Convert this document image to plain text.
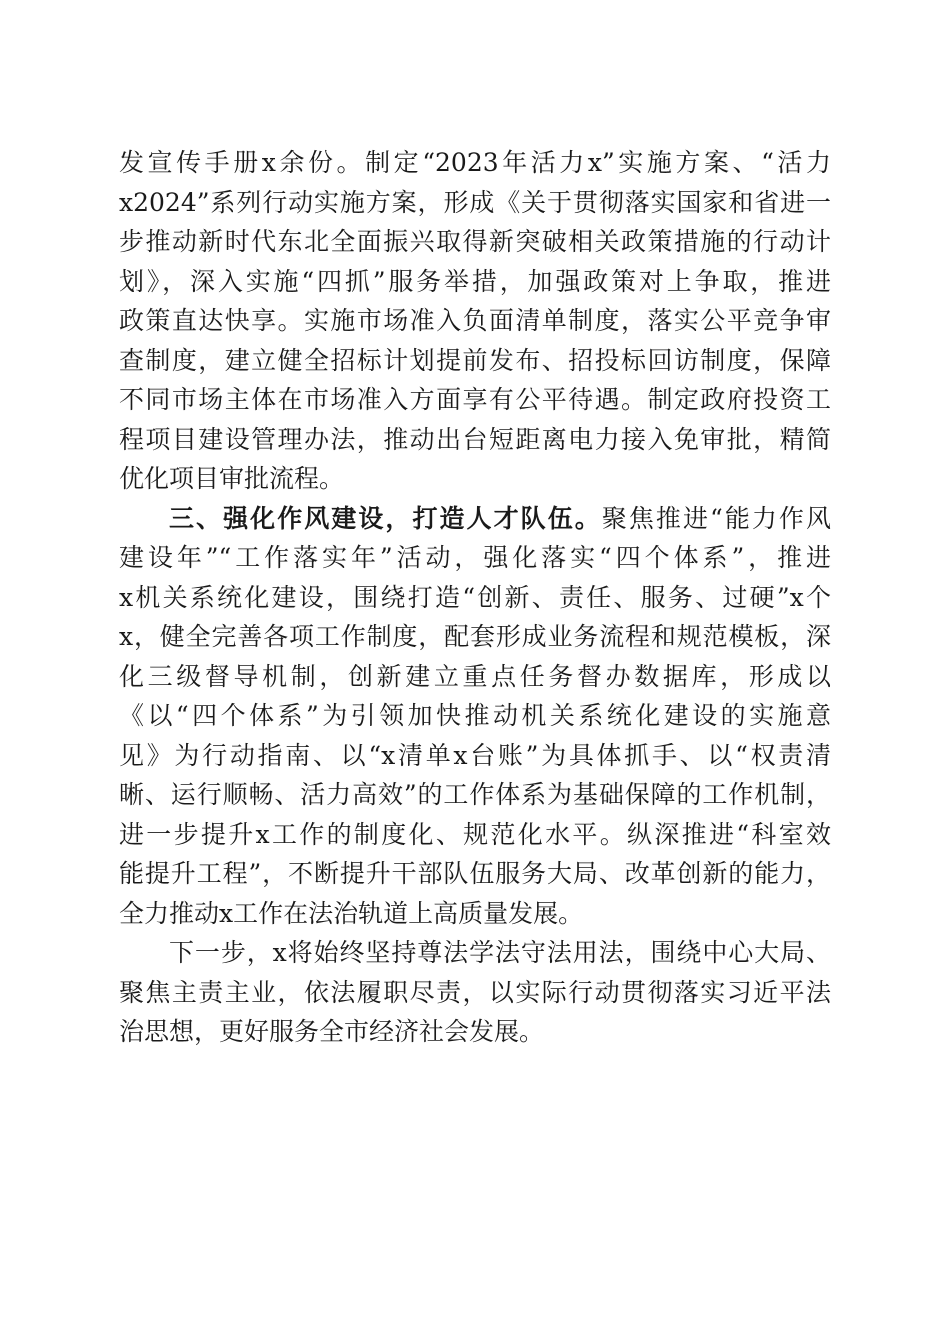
发宣传手册x余份。制定“2023年活力x”实施方案、“活力
x2024”系列行动实施方案，形成《关于贯彻落实国家和省进一
步推动新时代东北全面振兴取得新突破相关政策措施的行动计
划》，深入实施“四抓”服务举措，加强政策对上争取，推进
政策直达快享。实施市场准入负面清单制度，落实公平竞争审
查制度，建立健全招标计划提前发布、招投标回访制度，保障
不同市场主体在市场准入方面享有公平待遇。制定政府投资工
程项目建设管理办法，推动出台短距离电力接入免审批，精简
优化项目审批流程。
三、强化作风建设，打造人才队伍。聚焦推进“能力作风
建设年”“工作落实年”活动，强化落实“四个体系”，推进
x机关系统化建设，围绕打造“创新、责任、服务、过硬”x个
x，健全完善各项工作制度，配套形成业务流程和规范模板，深
化三级督导机制，创新建立重点任务督办数据库，形成以
《以“四个体系”为引领加快推动机关系统化建设的实施意
见》为行动指南、以“x清单x台账”为具体抓手、以“权责清
晰、运行顺畅、活力高效”的工作体系为基础保障的工作机制，
进一步提升x工作的制度化、规范化水平。纵深推进“科室效
能提升工程”，不断提升干部队伍服务大局、改革创新的能力，
全力推动x工作在法治轨道上高质量发展。
下一步，x将始终坚持尊法学法守法用法，围绕中心大局、
聚焦主责主业，依法履职尽责，以实际行动贯彻落实习近平法
治思想，更好服务全市经济社会发展。
